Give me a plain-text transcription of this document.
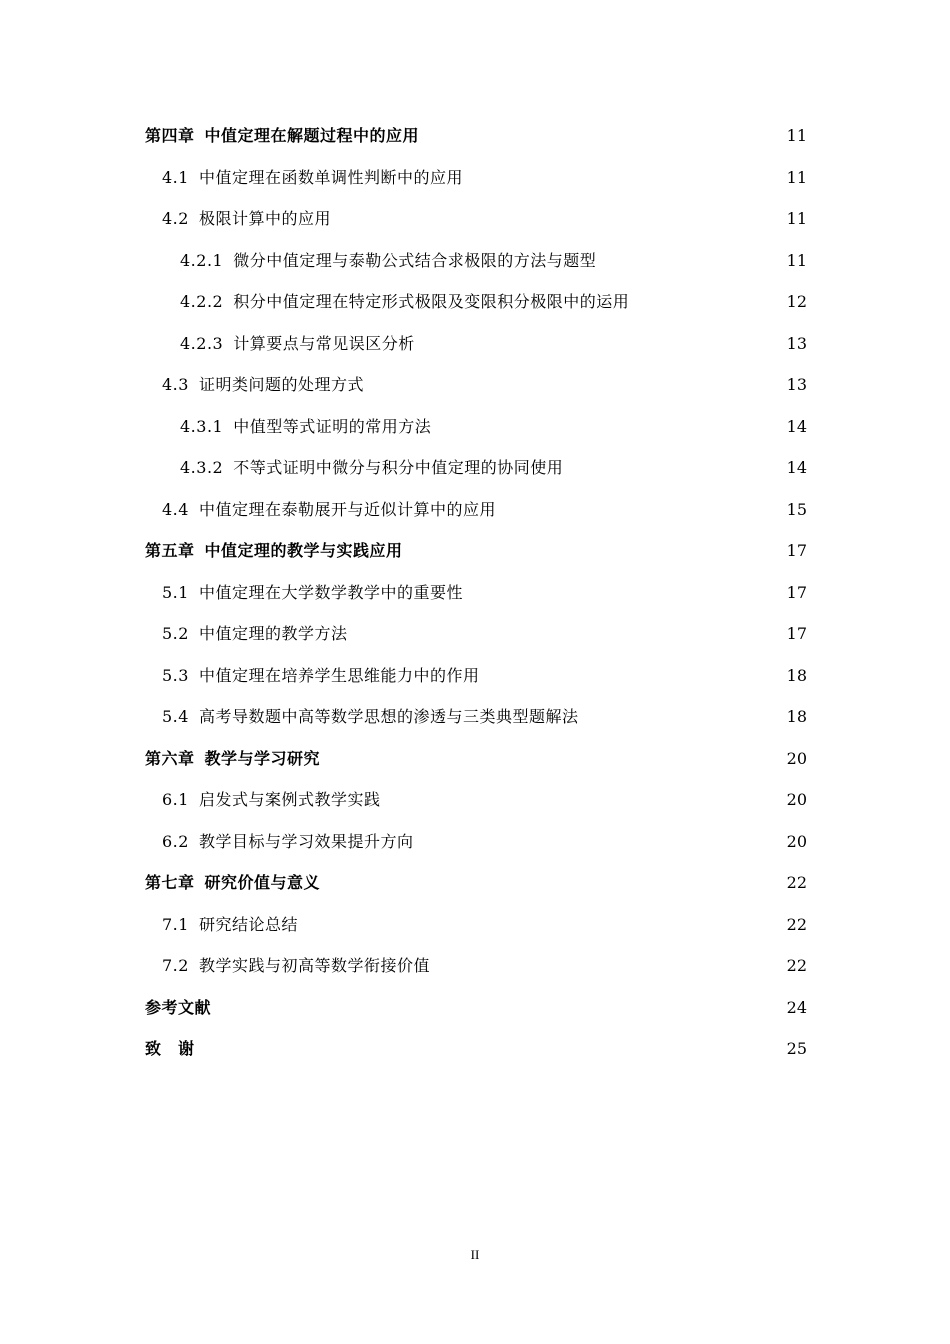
第四章 中值定理在解题过程中的应用 . . .	11
4.1 中值定理在函数单调性判断中的应用 . . .	11
4.2 极限计算中的应用 . . .	11
4.2.1 微分中值定理与泰勒公式结合求极限的方法与题型 . . .	11
4.2.2 积分中值定理在特定形式极限及变限积分极限中的运用 . . .	12
4.2.3 计算要点与常见误区分析 . . .	13
4.3 证明类问题的处理方式 . . .	13
4.3.1 中值型等式证明的常用方法 . . .	14
4.3.2 不等式证明中微分与积分中值定理的协同使用 . . .	14
4.4 中值定理在泰勒展开与近似计算中的应用 . . .	15
第五章 中值定理的教学与实践应用 . . .	17
5.1 中值定理在大学数学教学中的重要性 . . .	17
5.2 中值定理的教学方法 . . .	17
5.3 中值定理在培养学生思维能力中的作用 . . .	18
5.4 高考导数题中高等数学思想的渗透与三类典型题解法 . . .	18
第六章 教学与学习研究 . . .	20
6.1 启发式与案例式教学实践 . . .	20
6.2 教学目标与学习效果提升方向 . . .	20
第七章 研究价值与意义 . . .	22
7.1 研究结论总结 . . .	22
7.2 教学实践与初高等数学衔接价值 . . .	22
参考文献 . . .	24
致　谢 . . .	25
II
